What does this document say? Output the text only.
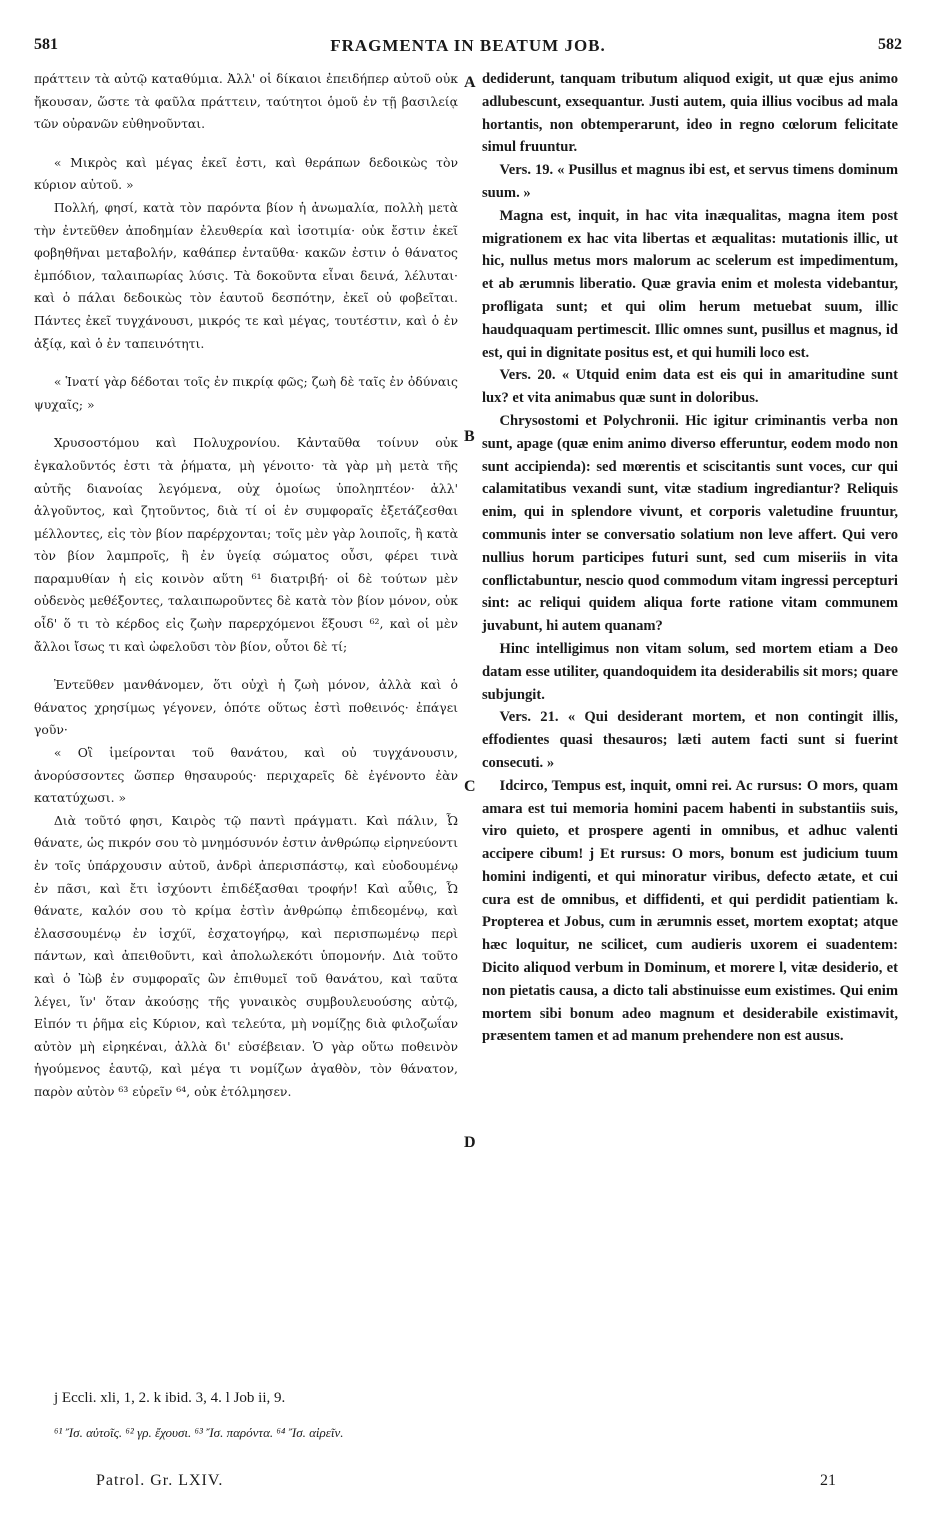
581	FRAGMENTA IN BEATUM JOB.	582

πράττειν τὰ αὐτῷ καταθύμια. Ἀλλ' οἱ δίκαιοι ἐπειδήπερ αὐτοῦ οὐκ ἤκουσαν, ὥστε τὰ φαῦλα πράττειν, ταύτητοι ὁμοῦ ἐν τῇ βασιλείᾳ τῶν οὐρανῶν εὐθηνοῦνται.

« Μικρὸς καὶ μέγας ἐκεῖ ἐστι, καὶ θεράπων δεδοικὼς τὸν κύριον αὐτοῦ. »

Πολλή, φησί, κατὰ τὸν παρόντα βίον ἡ ἀνωμαλία, πολλὴ μετὰ τὴν ἐντεῦθεν ἀποδημίαν ἐλευθερία καὶ ἰσοτιμία· οὐκ ἔστιν ἐκεῖ φοβηθῆναι μεταβολήν, καθάπερ ἐνταῦθα· κακῶν ἐστιν ὁ θάνατος ἐμπόδιον, ταλαιπωρίας λύσις. Τὰ δοκοῦντα εἶναι δεινά, λέλυται· καὶ ὁ πάλαι δεδοικὼς τὸν ἑαυτοῦ δεσπότην, ἐκεῖ οὐ φοβεῖται. Πάντες ἐκεῖ τυγχάνουσι, μικρός τε καὶ μέγας, τουτέστιν, καὶ ὁ ἐν ἀξίᾳ, καὶ ὁ ἐν ταπεινότητι.

« Ἱνατί γὰρ δέδοται τοῖς ἐν πικρίᾳ φῶς; ζωὴ δὲ ταῖς ἐν ὀδύναις ψυχαῖς; »

Χρυσοστόμου καὶ Πολυχρονίου. Κἀνταῦθα τοίνυν οὐκ ἐγκαλοῦντός ἐστι τὰ ῥήματα, μὴ γένοιτο· τὰ γὰρ μὴ μετὰ τῆς αὐτῆς διανοίας λεγόμενα, οὐχ ὁμοίως ὑποληπτέον· ἀλλ' ἀλγοῦντος, καὶ ζητοῦντος, διὰ τί οἱ ἐν συμφοραῖς ἐξετάζεσθαι μέλλοντες, εἰς τὸν βίον παρέρχονται; τοῖς μὲν γὰρ λοιποῖς, ἢ κατὰ τὸν βίον λαμπροῖς, ἢ ἐν ὑγείᾳ σώματος οὖσι, φέρει τινὰ παραμυθίαν ἡ εἰς κοινὸν αὕτη ⁶¹ διατριβή· οἱ δὲ τούτων μὲν οὐδενὸς μεθέξοντες, ταλαιπωροῦντες δὲ κατὰ τὸν βίον μόνον, οὐκ οἶδ' ὅ τι τὸ κέρδος εἰς ζωὴν παρερχόμενοι ἕξουσι ⁶², καὶ οἱ μὲν ἄλλοι ἴσως τι καὶ ὠφελοῦσι τὸν βίον, οὗτοι δὲ τί;

Ἐντεῦθεν μανθάνομεν, ὅτι οὐχὶ ἡ ζωὴ μόνον, ἀλλὰ καὶ ὁ θάνατος χρησίμως γέγονεν, ὁπότε οὕτως ἐστὶ ποθεινός· ἐπάγει γοῦν·

« Οἳ ἱμείρονται τοῦ θανάτου, καὶ οὐ τυγχάνουσιν, ἀνορύσσοντες ὥσπερ θησαυρούς· περιχαρεῖς δὲ ἐγένοντο ἐὰν κατατύχωσι. »

Διὰ τοῦτό φησι, Καιρὸς τῷ παντὶ πράγματι. Καὶ πάλιν, Ὦ θάνατε, ὡς πικρόν σου τὸ μνημόσυνόν ἐστιν ἀνθρώπῳ εἰρηνεύοντι ἐν τοῖς ὑπάρχουσιν αὐτοῦ, ἀνδρὶ ἀπερισπάστῳ, καὶ εὐοδουμένῳ ἐν πᾶσι, καὶ ἔτι ἰσχύοντι ἐπιδέξασθαι τροφήν! Καὶ αὖθις, Ὦ θάνατε, καλόν σου τὸ κρίμα ἐστὶν ἀνθρώπῳ ἐπιδεομένῳ, καὶ ἐλασσουμένῳ ἐν ἰσχύϊ, ἐσχατογήρῳ, καὶ περισπωμένῳ περὶ πάντων, καὶ ἀπειθοῦντι, καὶ ἀπολωλεκότι ὑπομονήν. Διὰ τοῦτο καὶ ὁ Ἰὼβ ἐν συμφοραῖς ὢν ἐπιθυμεῖ τοῦ θανάτου, καὶ ταῦτα λέγει, ἵν' ὅταν ἀκούσῃς τῆς γυναικὸς συμβουλευούσης αὐτῷ, Εἰπόν τι ῥῆμα εἰς Κύριον, καὶ τελεύτα, μὴ νομίζῃς διὰ φιλοζωΐαν αὐτὸν μὴ εἰρηκέναι, ἀλλὰ δι' εὐσέβειαν. Ὁ γὰρ οὕτω ποθεινὸν ἡγούμενος ἑαυτῷ, καὶ μέγα τι νομίζων ἀγαθὸν, τὸν θάνατον, παρὸν αὐτὸν ⁶³ εὑρεῖν ⁶⁴, οὐκ ἐτόλμησεν.

A
B
C
D

dediderunt, tanquam tributum aliquod exigit, ut quæ ejus animo adlubescunt, exsequantur. Justi autem, quia illius vocibus ad mala hortantis, non obtemperarunt, ideo in regno cœlorum felicitate simul fruuntur.

Vers. 19. « Pusillus et magnus ibi est, et servus timens dominum suum. »

Magna est, inquit, in hac vita inæqualitas, magna item post migrationem ex hac vita libertas et æqualitas: mutationis illic, ut hic, nullus metus mors malorum ac scelerum est impedimentum, et ab ærumnis liberatio. Quæ gravia enim et molesta videbantur, profligata sunt; et qui olim herum metuebat suum, illic haudquaquam pertimescit. Illic omnes sunt, pusillus et magnus, id est, qui in dignitate positus est, et qui humili loco est.

Vers. 20. « Utquid enim data est eis qui in amaritudine sunt lux? et vita animabus quæ sunt in doloribus.

Chrysostomi et Polychronii. Hic igitur criminantis verba non sunt, apage (quæ enim animo diverso efferuntur, eodem modo non sunt accipienda): sed mœrentis et sciscitantis sunt voces, cur qui calamitatibus vexandi sunt, vitæ stadium ingrediantur? Reliquis enim, qui in splendore vivunt, et corporis valetudine fruuntur, communis inter se conversatio solatium non leve affert. Qui vero nullius horum participes futuri sunt, sed cum miseriis in vita conflictabuntur, nescio quod commodum vitam ingressi percepturi sint: ac reliqui quidem aliqua forte ratione vitam communem juvabunt, hi autem quanam?

Hinc intelligimus non vitam solum, sed mortem etiam a Deo datam esse utiliter, quandoquidem ita desiderabilis sit mors; quare subjungit.

Vers. 21. « Qui desiderant mortem, et non contingit illis, effodientes quasi thesauros; læti autem facti sunt si fuerint consecuti. »

Idcirco, Tempus est, inquit, omni rei. Ac rursus: O mors, quam amara est tui memoria homini pacem habenti in substantiis suis, viro quieto, et prospere agenti in omnibus, et adhuc valenti accipere cibum! j Et rursus: O mors, bonum est judicium tuum homini indigenti, et qui minoratur viribus, defecto ætate, et cui cura est de omnibus, et diffidenti, et qui perdidit patientiam k. Propterea et Jobus, cum in ærumnis esset, mortem exoptat; atque hæc loquitur, ne scilicet, cum audieris uxorem ei suadentem: Dicito aliquod verbum in Dominum, et morere l, vitæ desiderio, et non pietatis causa, a dicto tali abstinuisse eum existimes. Qui enim mortem sibi bonum adeo magnum et desiderabile existimavit, præsentem tamen et ad manum prehendere non est ausus.

j Eccli. xli, 1, 2. k ibid. 3, 4. l Job ii, 9.
⁶¹ Ἴσ. αὐτοῖς. ⁶² γρ. ἔχουσι. ⁶³ Ἴσ. παρόντα. ⁶⁴ Ἴσ. αἱρεῖν.
Patrol. Gr. LXIV.	21
